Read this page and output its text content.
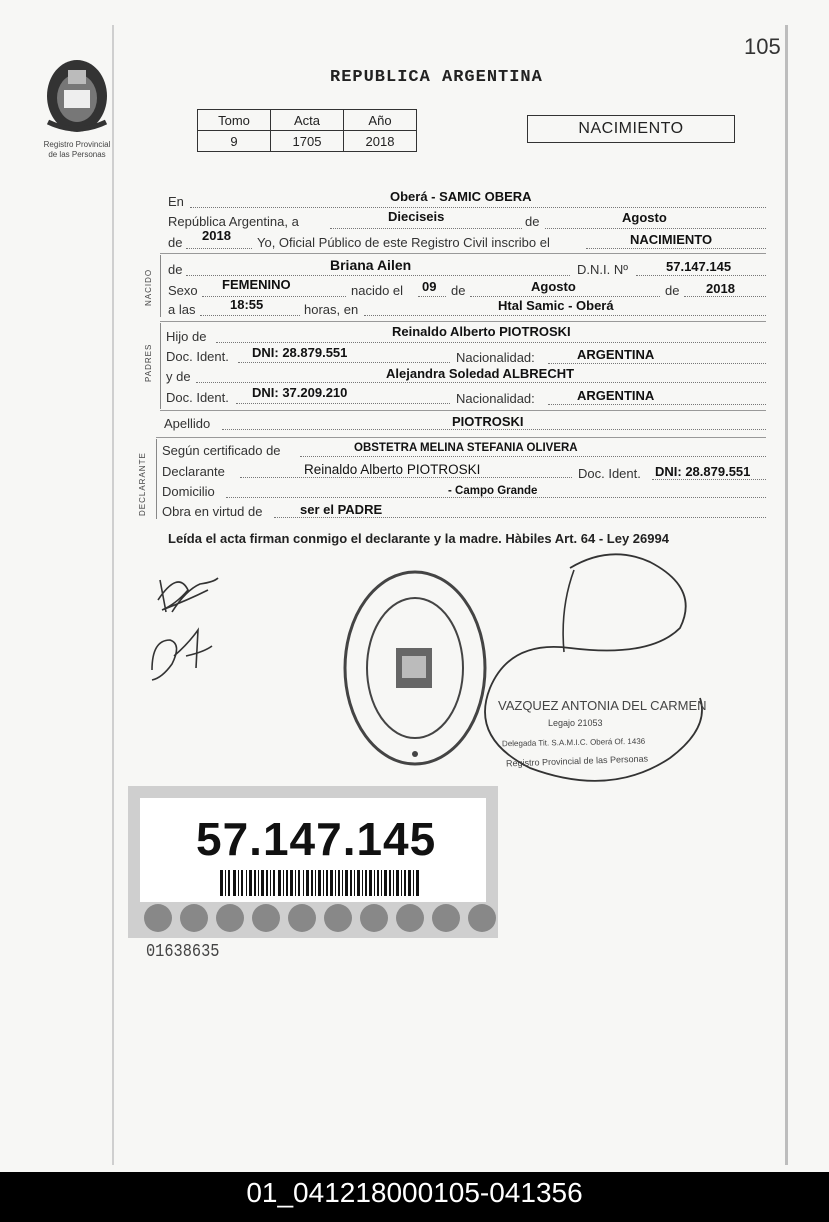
105
Registro Provincial
de las Personas
REPUBLICA ARGENTINA
Tomo	Acta	Año
9	1705	2018
NACIMIENTO
En	Oberá - SAMIC OBERA
República Argentina, a	Dieciseis	de	Agosto
de 2018 Yo, Oficial Público de este Registro Civil inscribo el	NACIMIENTO
NACIDO de	Briana Ailen	D.N.I. Nº	57.147.145
Sexo FEMENINO	nacido el 09 de	Agosto	de 2018
a las	18:55	horas, en	Htal Samic - Oberá
PADRES
Hijo de	Reinaldo Alberto PIOTROSKI
Doc. Ident. DNI: 28.879.551	Nacionalidad:	ARGENTINA
y de	Alejandra Soledad ALBRECHT
Doc. Ident. DNI: 37.209.210	Nacionalidad:	ARGENTINA
Apellido	PIOTROSKI
DECLARANTE
Según certificado de	OBSTETRA MELINA STEFANIA OLIVERA
Declarante	Reinaldo Alberto PIOTROSKI	Doc. Ident. DNI: 28.879.551
Domicilio	- Campo Grande
Obra en virtud de	ser el PADRE
Leída el acta firman conmigo el declarante y la madre. Hàbiles Art. 64 - Ley 26994
VAZQUEZ ANTONIA DEL CARMEN
Legajo 21053
Delegada Tit. S.A.M.I.C. Oberá Of. 1436
Registro Provincial de las Personas
57.147.145
01638635
01_041218000105-041356
